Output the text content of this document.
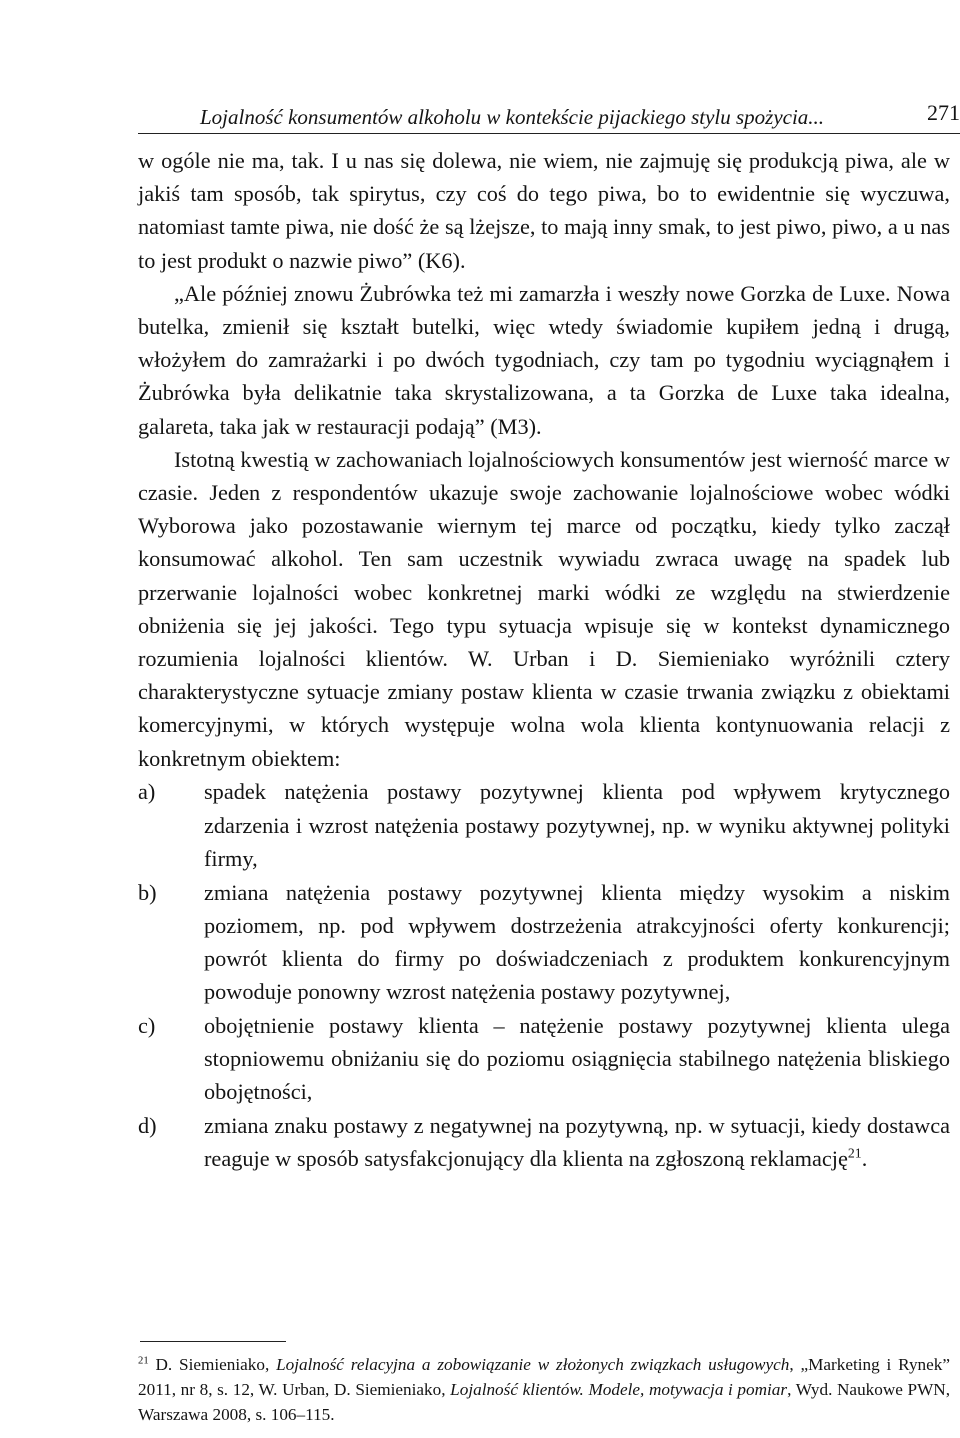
Lojalność konsumentów alkoholu w kontekście pijackiego stylu spożycia...	271

w ogóle nie ma, tak. I u nas się dolewa, nie wiem, nie zajmuję się produkcją piwa, ale w jakiś tam sposób, tak spirytus, czy coś do tego piwa, bo to ewidentnie się wyczuwa, natomiast tamte piwa, nie dość że są lżejsze, to mają inny smak, to jest piwo, piwo, a u nas to jest produkt o nazwie piwo” (K6).

„Ale później znowu Żubrówka też mi zamarzła i weszły nowe Gorzka de Luxe. Nowa butelka, zmienił się kształt butelki, więc wtedy świadomie kupiłem jedną i drugą, włożyłem do zamrażarki i po dwóch tygodniach, czy tam po tygodniu wyciągnąłem i Żubrówka była delikatnie taka skrystalizowana, a ta Gorzka de Luxe taka idealna, galareta, taka jak w restauracji podają” (M3).

Istotną kwestią w zachowaniach lojalnościowych konsumentów jest wierność marce w czasie. Jeden z respondentów ukazuje swoje zachowanie lojalnościowe wobec wódki Wyborowa jako pozostawanie wiernym tej marce od początku, kiedy tylko zaczął konsumować alkohol. Ten sam uczestnik wywiadu zwraca uwagę na spadek lub przerwanie lojalności wobec konkretnej marki wódki ze względu na stwierdzenie obniżenia się jej jakości. Tego typu sytuacja wpisuje się w kontekst dynamicznego rozumienia lojalności klientów. W. Urban i D. Siemieniako wyróżnili cztery charakterystyczne sytuacje zmiany postaw klienta w czasie trwania związku z obiektami komercyjnymi, w których występuje wolna wola klienta kontynuowania relacji z konkretnym obiektem:

a) spadek natężenia postawy pozytywnej klienta pod wpływem krytycznego zdarzenia i wzrost natężenia postawy pozytywnej, np. w wyniku aktywnej polityki firmy,

b) zmiana natężenia postawy pozytywnej klienta między wysokim a niskim poziomem, np. pod wpływem dostrzeżenia atrakcyjności oferty konkurencji; powrót klienta do firmy po doświadczeniach z produktem konkurencyjnym powoduje ponowny wzrost natężenia postawy pozytywnej,

c) obojętnienie postawy klienta – natężenie postawy pozytywnej klienta ulega stopniowemu obniżaniu się do poziomu osiągnięcia stabilnego natężenia bliskiego obojętności,

d) zmiana znaku postawy z negatywnej na pozytywną, np. w sytuacji, kiedy dostawca reaguje w sposób satysfakcjonujący dla klienta na zgłoszoną reklamację$^{21}$.

$^{21}$ D. Siemieniako, Lojalność relacyjna a zobowiązanie w złożonych związkach usługowych, „Marketing i Rynek” 2011, nr 8, s. 12, W. Urban, D. Siemieniako, Lojalność klientów. Modele, motywacja i pomiar, Wyd. Naukowe PWN, Warszawa 2008, s. 106–115.
